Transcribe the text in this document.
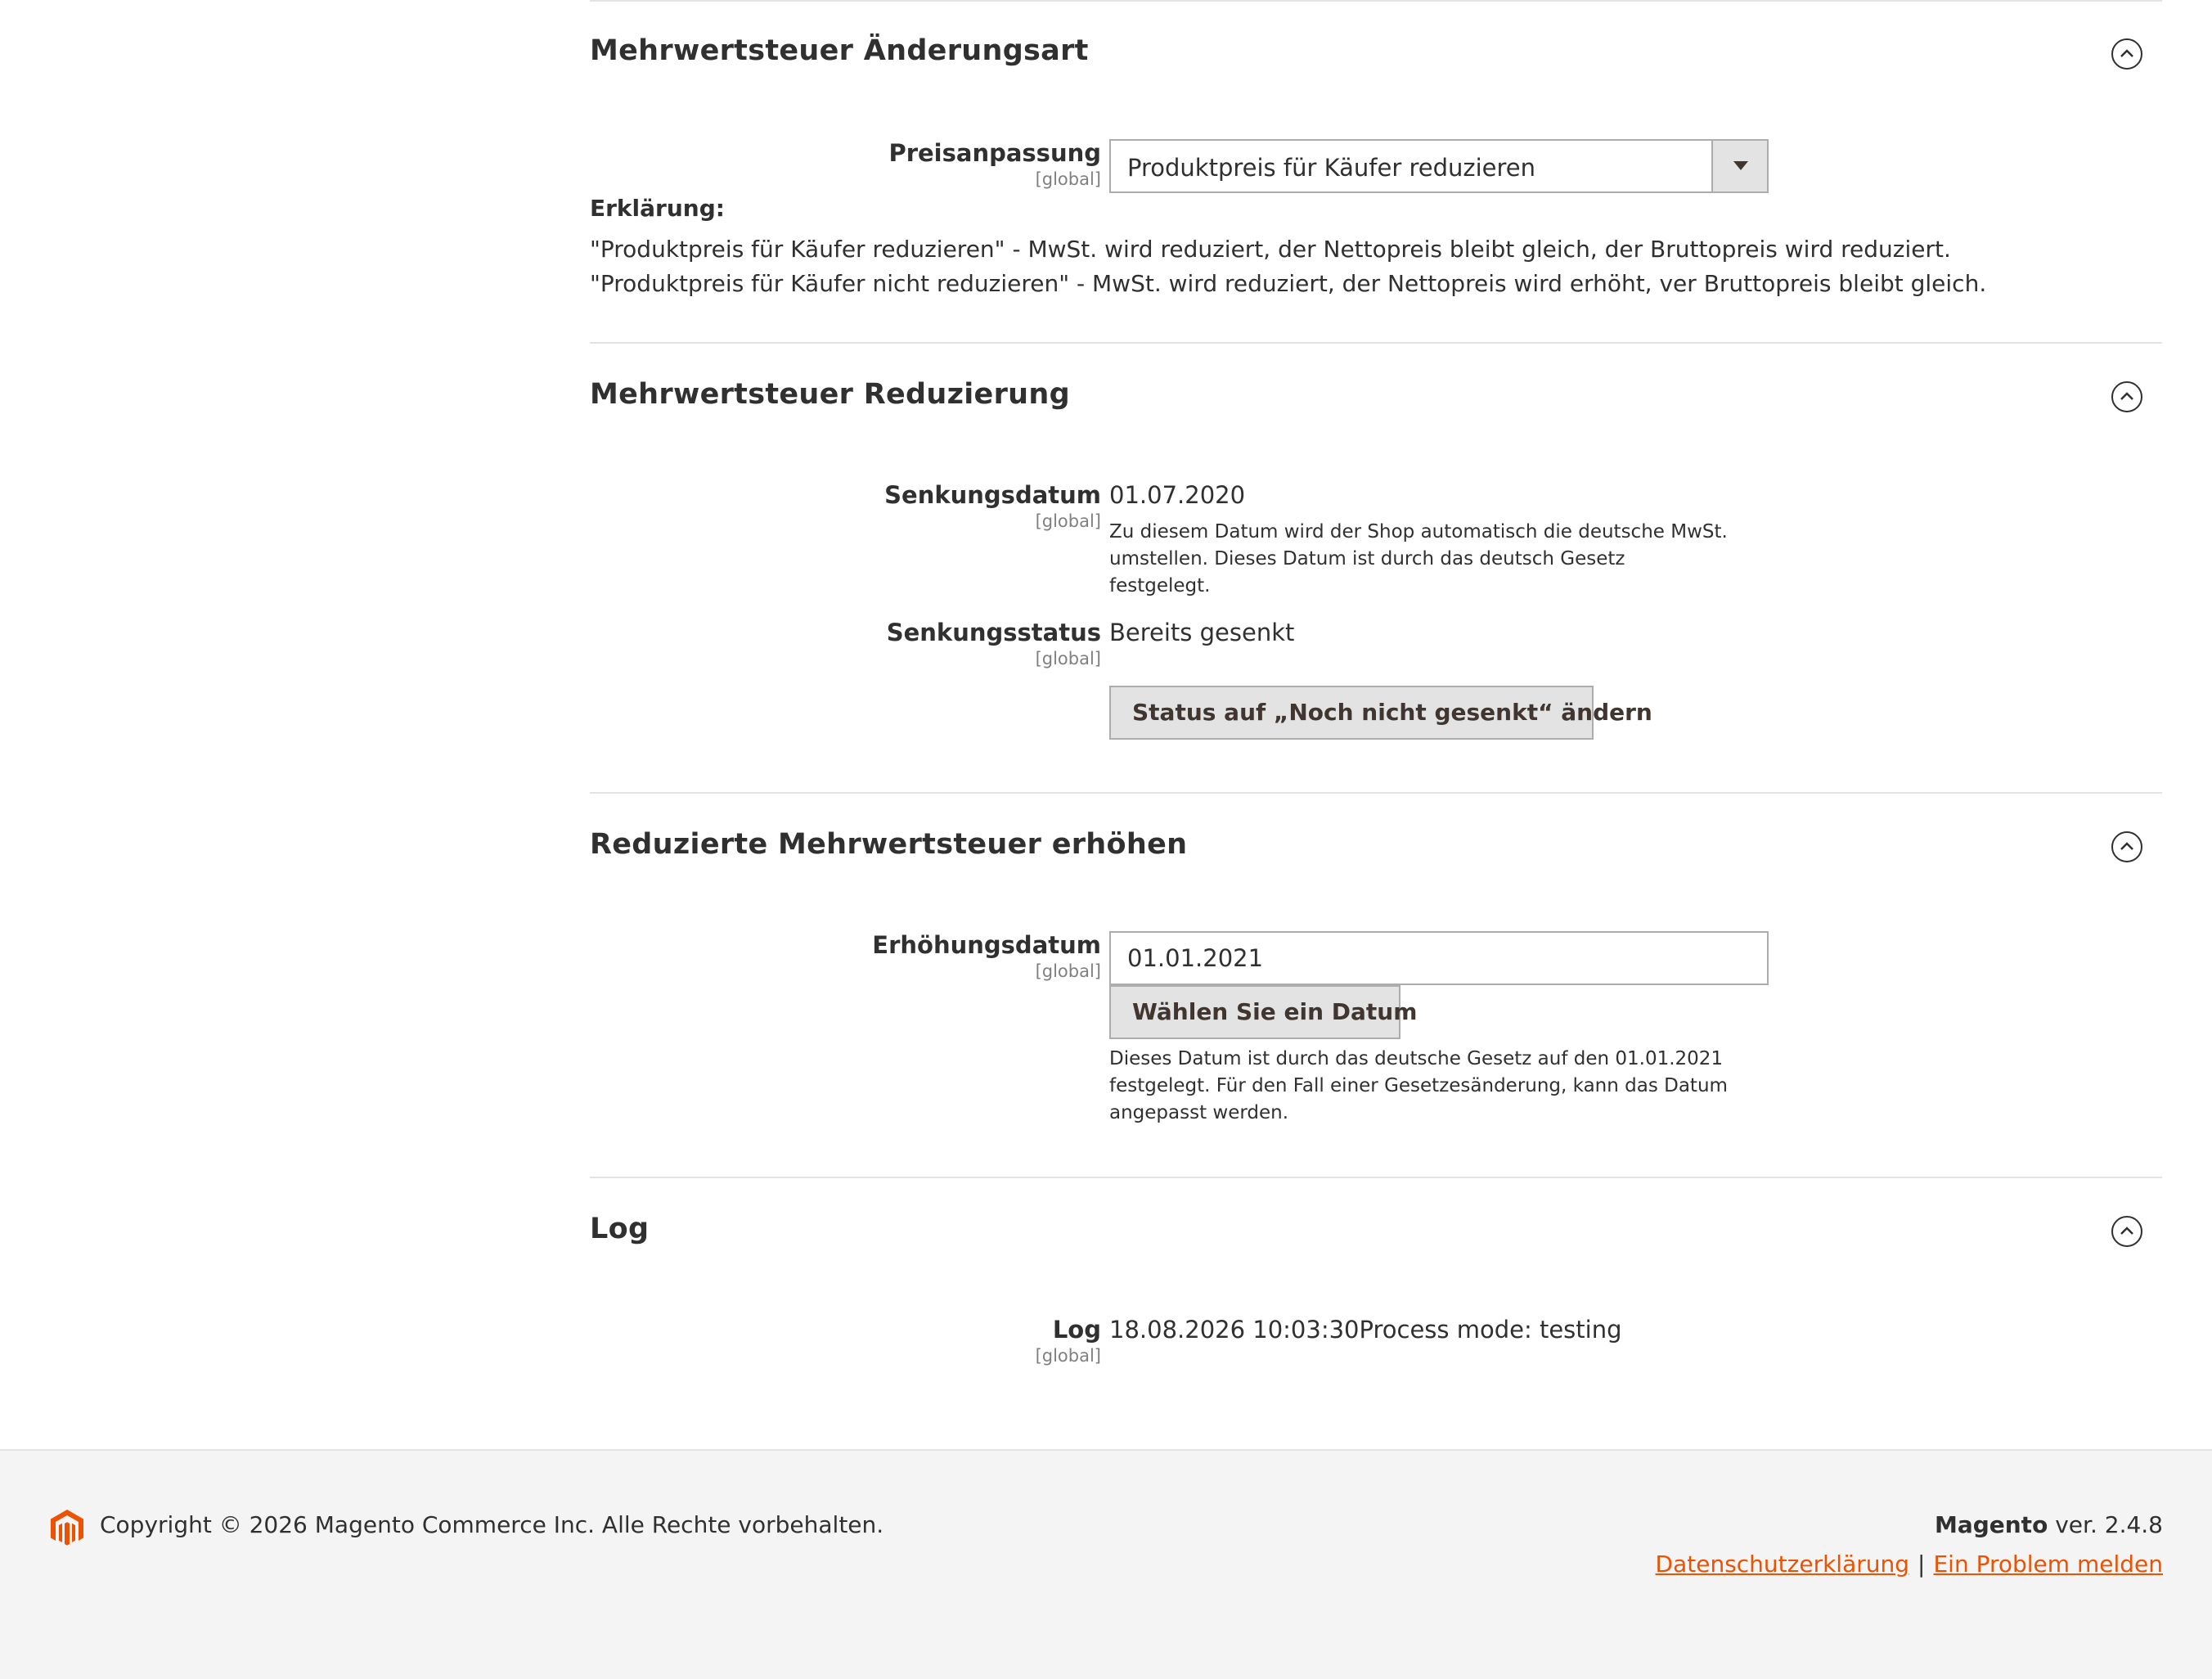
Mehrwertsteuer Änderungsart
Preisanpassung
[global] Produktpreis für Käufer reduzieren
Erklärung:
"Produktpreis für Käufer reduzieren" - MwSt. wird reduziert, der Nettopreis bleibt gleich, der Bruttopreis wird reduziert.
"Produktpreis für Käufer nicht reduzieren" - MwSt. wird reduziert, der Nettopreis wird erhöht, ver Bruttopreis bleibt gleich.
Mehrwertsteuer Reduzierung
Senkungsdatum
[global]
01.07.2020
Zu diesem Datum wird der Shop automatisch die deutsche MwSt. umstellen. Dieses Datum ist durch das deutsch Gesetz festgelegt.
Senkungsstatus
[global]
Bereits gesenkt
Status auf „Noch nicht gesenkt“ ändern
Reduzierte Mehrwertsteuer erhöhen
Erhöhungsdatum
[global]
01.01.2021
Wählen Sie ein Datum
Dieses Datum ist durch das deutsche Gesetz auf den 01.01.2021 festgelegt. Für den Fall einer Gesetzesänderung, kann das Datum angepasst werden.
Log
Log
[global]
18.08.2026 10:03:30Process mode: testing
Copyright © 2026 Magento Commerce Inc. Alle Rechte vorbehalten.	Magento ver. 2.4.8
Datenschutzerklärung | Ein Problem melden
